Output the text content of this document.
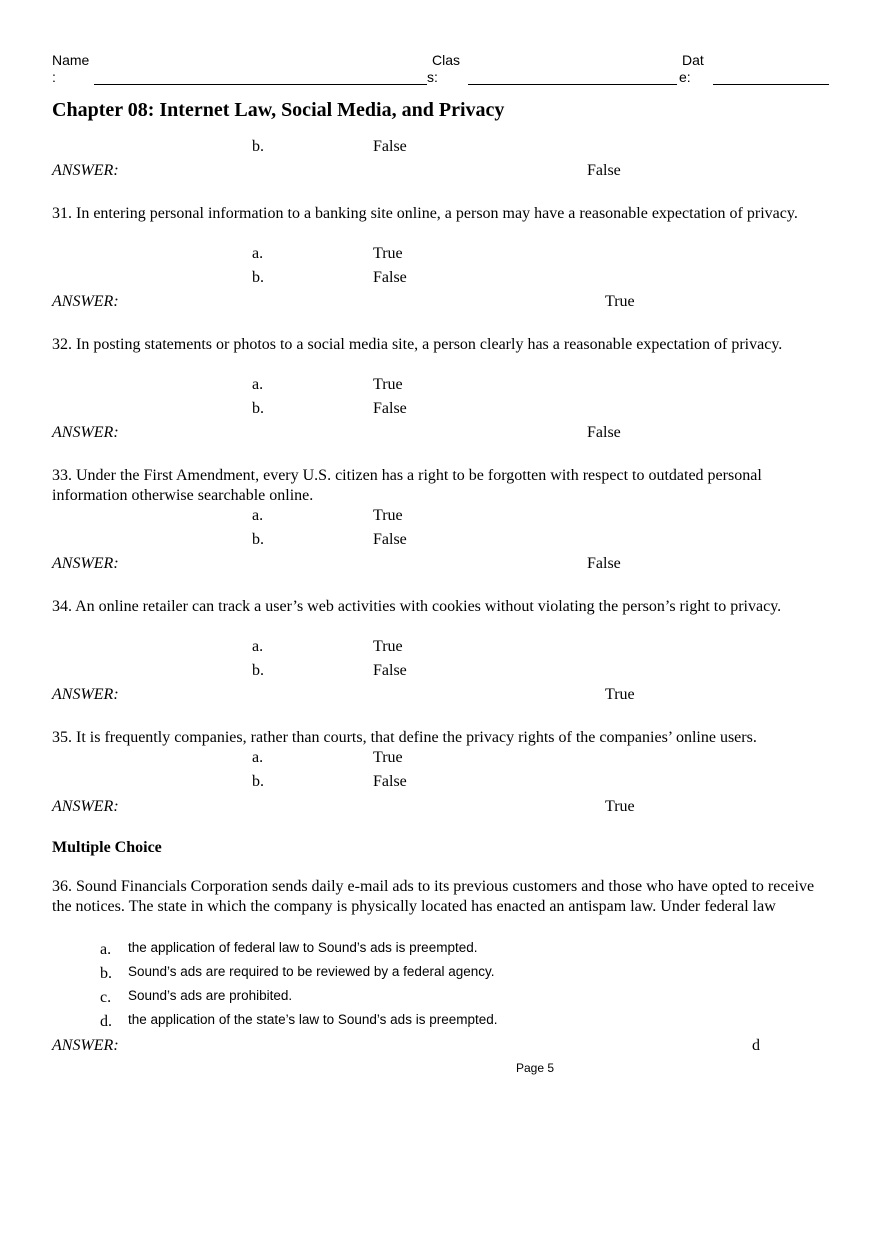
Name
:
Clas
s:
Dat
e:
Chapter 08: Internet Law, Social Media, and Privacy
b.	False
ANSWER:	False
31. In entering personal information to a banking site online, a person may have a reasonable expectation of privacy.
a.	True
b.	False
ANSWER:	True
32. In posting statements or photos to a social media site, a person clearly has a reasonable expectation of privacy.
a.	True
b.	False
ANSWER:	False
33. Under the First Amendment, every U.S. citizen has a right to be forgotten with respect to outdated personal information otherwise searchable online.
a.	True
b.	False
ANSWER:	False
34. An online retailer can track a user’s web activities with cookies without violating the person’s right to privacy.
a.	True
b.	False
ANSWER:	True
35. It is frequently companies, rather than courts, that define the privacy rights of the companies’ online users.
a.	True
b.	False
ANSWER:	True
Multiple Choice
36. Sound Financials Corporation sends daily e-mail ads to its previous customers and those who have opted to receive the notices. The state in which the company is physically located has enacted an antispam law. Under federal law
a. the application of federal law to Sound’s ads is preempted.
b. Sound’s ads are required to be reviewed by a federal agency.
c. Sound’s ads are prohibited.
d. the application of the state’s law to Sound’s ads is preempted.
ANSWER:	d
Page 5
